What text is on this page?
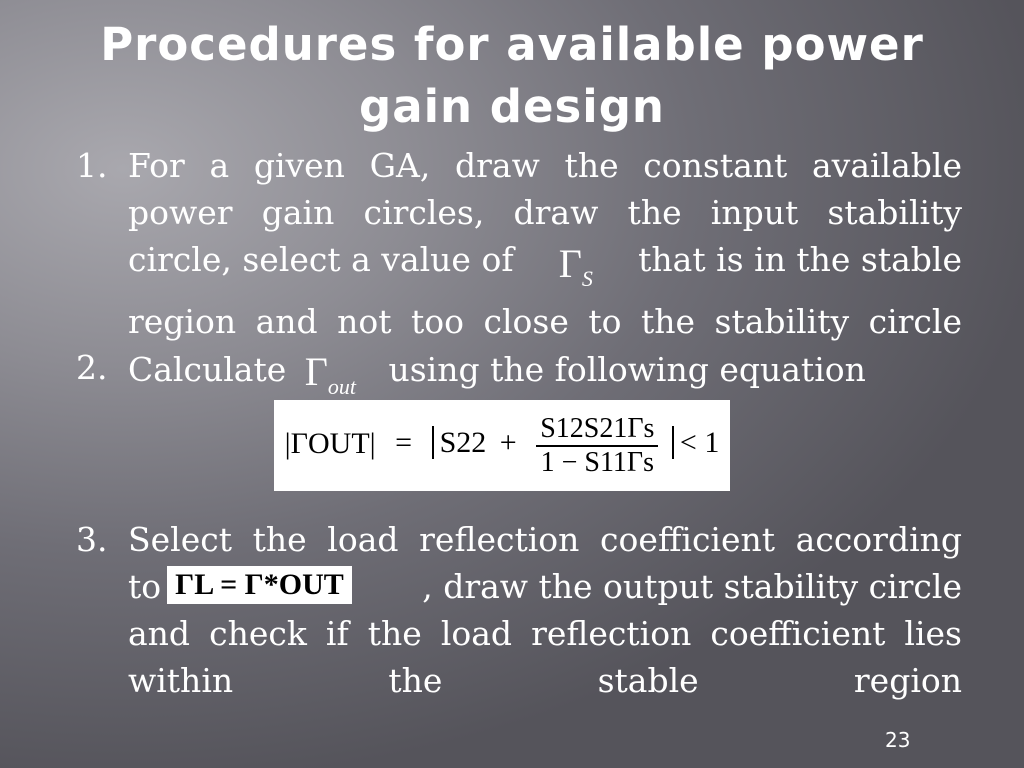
Procedures for available power
gain design
1. For a given GA, draw the constant available
power gain circles, draw the input stability
circle, select a value of $\Gamma_S$ that is in the stable
region and not too close to the stability circle
2. Calculate $\Gamma_{out}$ using the following equation
$|\Gamma OUT| = S22 + \frac{S12S21\Gamma s}{1 - S11\Gamma s} < 1$
3. Select the load reflection coefficient according
to ΓL = Γ*OUT , draw the output stability circle
and check if the load reflection coefficient lies
within the stable region
23
